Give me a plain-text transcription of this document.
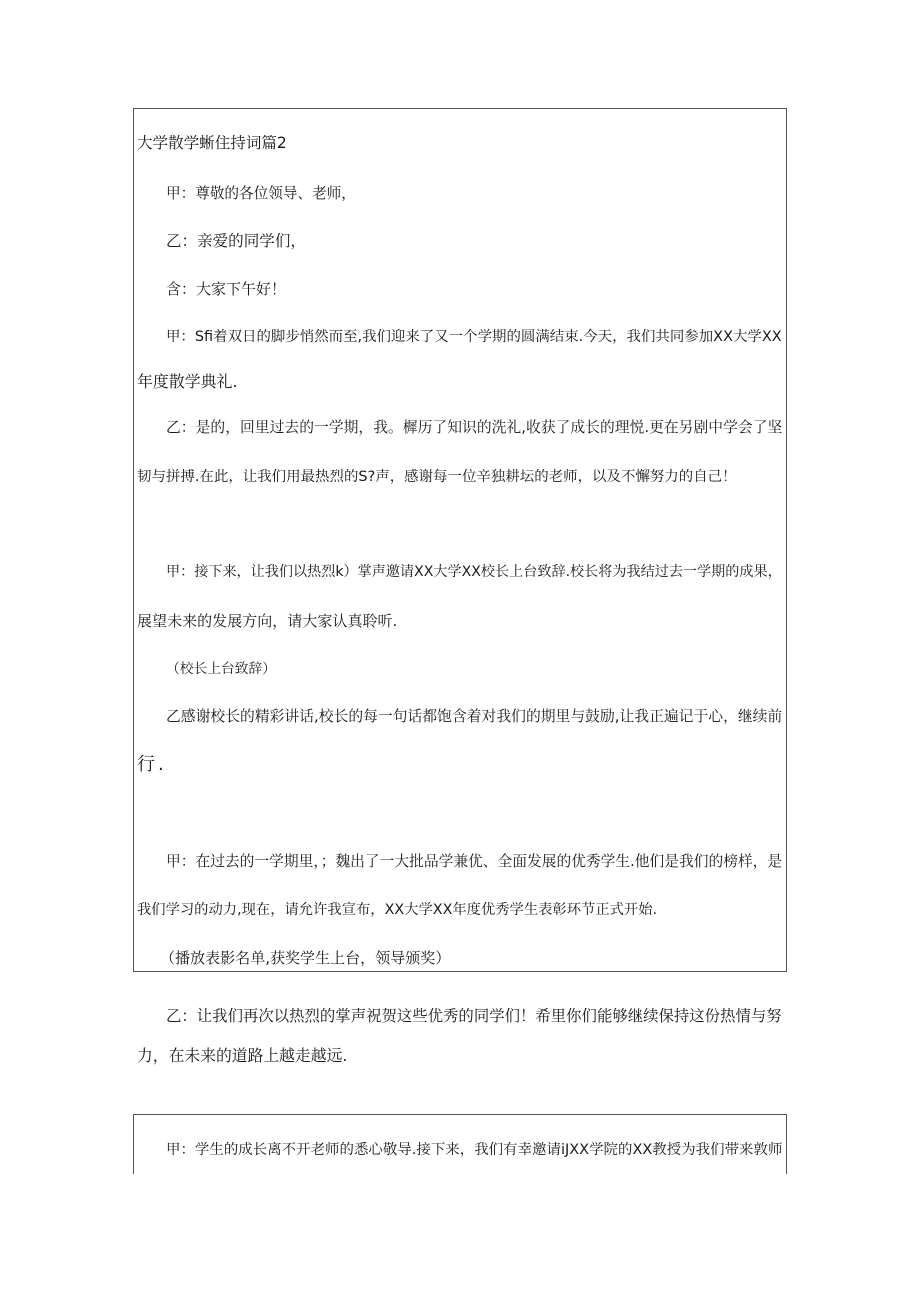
大学散学蜥住持词篇2
甲：尊敬的各位领导、老师，
乙：亲爱的同学们，
含：大家下午好！
甲：Sfi着双日的脚步悄然而至,我们迎来了又一个学期的圆满结束.今天，我们共同参加XX大学XX
年度散学典礼.
乙：是的，回里过去的一学期，我。樨历了知识的洗礼,收获了成长的理悦.更在另剧中学会了坚
韧与拼搏.在此，让我们用最热烈的S?声，感谢每一位辛独耕坛的老师，以及不懈努力的自己！
甲：接下来，让我们以热烈k）掌声邀请XX大学XX校长上台致辞.校长将为我结过去一学期的成果，
展望未来的发展方向，请大家认真聆听.
（校长上台致辞）
乙感谢校长的精彩讲话,校长的每一句话都饱含着对我们的期里与鼓励,让我正遍记于心，继续前
行.
甲：在过去的一学期里，；魏出了一大批品学兼优、全面发展的优秀学生.他们是我们的榜样，是
我们学习的动力,现在，请允许我宣布，XX大学XX年度优秀学生表彰环节正式开始.
（播放表影名单,获奖学生上台，领导颁奖）
乙：让我们再次以热烈的掌声祝贺这些优秀的同学们！希里你们能够继续保持这份热情与努
力，在未来的道路上越走越远.
甲：学生的成长离不开老师的悉心敬导.接下来，我们有幸邀请iJXX学院的XX教授为我们带来敦师
